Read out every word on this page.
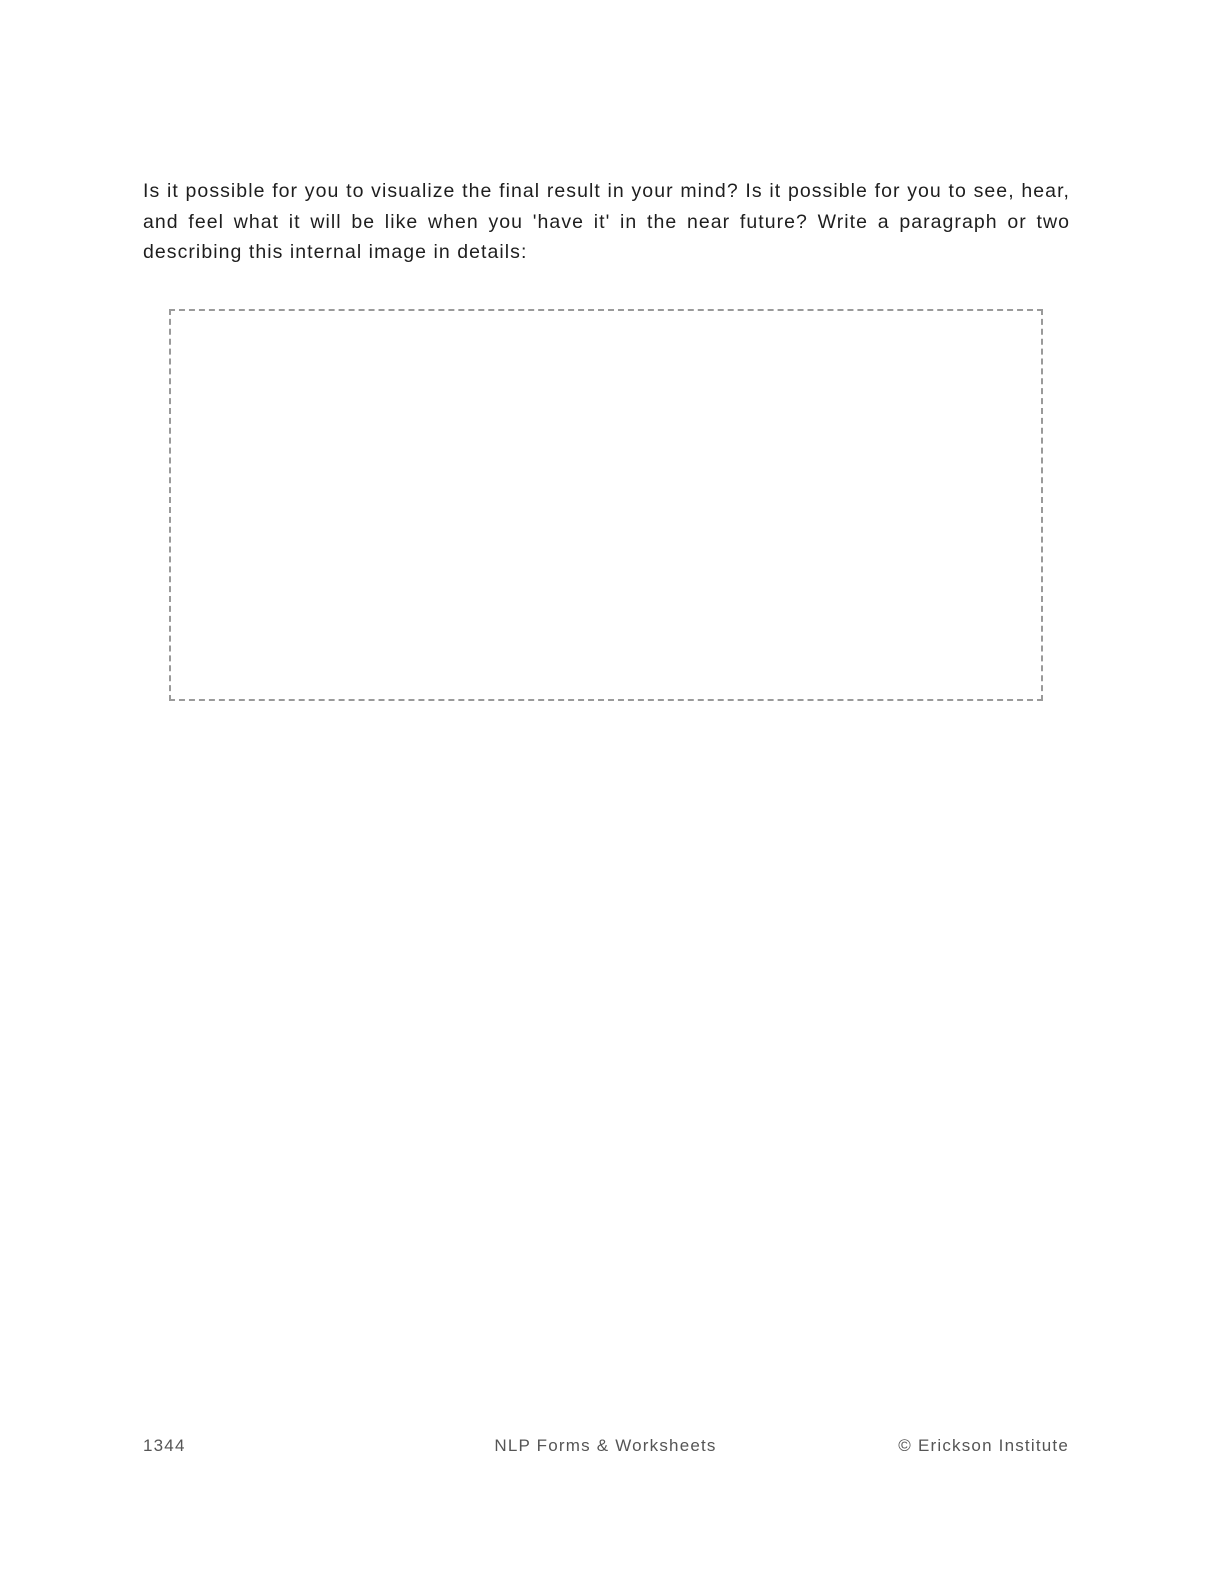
Is it possible for you to visualize the final result in your mind? Is it possible for you to see, hear, and feel what it will be like when you 'have it' in the near future? Write a paragraph or two describing this internal image in details:

1344	NLP Forms & Worksheets	© Erickson Institute
